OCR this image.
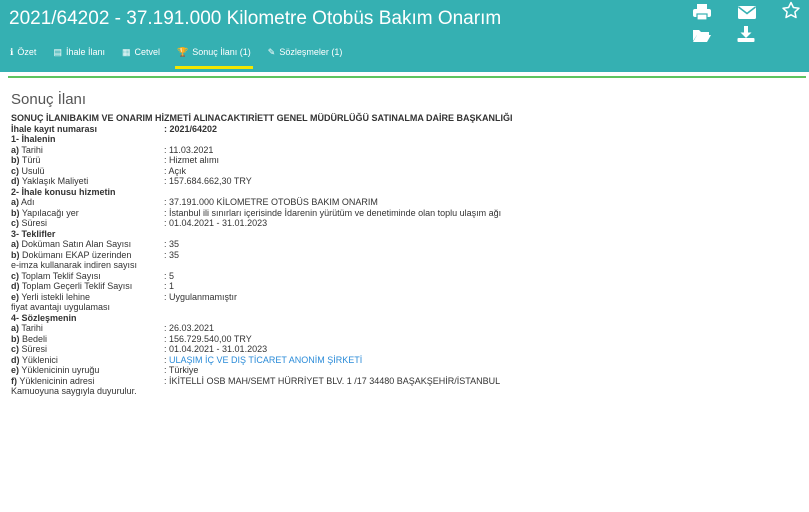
2021/64202 - 37.191.000 Kilometre Otobüs Bakım Onarım
ℹ Özet ▤ İhale İlanı ▦ Cetvel 🏆 Sonuç İlanı (1) ✎ Sözleşmeler (1)
Sonuç İlanı
SONUÇ İLANIBAKIM VE ONARIM HİZMETİ ALINACAKTIRİETT GENEL MÜDÜRLÜĞÜ SATINALMA DAİRE BAŞKANLIĞI
İhale kayıt numarası	: 2021/64202
1- İhalenin
a) Tarihi	: 11.03.2021
b) Türü	: Hizmet alımı
c) Usulü	: Açık
d) Yaklaşık Maliyeti	: 157.684.662,30 TRY
2- İhale konusu hizmetin
a) Adı	: 37.191.000 KİLOMETRE OTOBÜS BAKIM ONARIM
b) Yapılacağı yer	: İstanbul ili sınırları içerisinde İdarenin yürütüm ve denetiminde olan toplu ulaşım ağı
c) Süresi	: 01.04.2021 - 31.01.2023
3- Teklifler
a) Doküman Satın Alan Sayısı	: 35
b) Dokümanı EKAP üzerinden	: 35
e-imza kullanarak indiren sayısı
c) Toplam Teklif Sayısı	: 5
d) Toplam Geçerli Teklif Sayısı	: 1
e) Yerli istekli lehine	: Uygulanmamıştır
fiyat avantajı uygulaması
4- Sözleşmenin
a) Tarihi	: 26.03.2021
b) Bedeli	: 156.729.540,00 TRY
c) Süresi	: 01.04.2021 - 31.01.2023
d) Yüklenici	: ULAŞIM İÇ VE DIŞ TİCARET ANONİM ŞİRKETİ
e) Yüklenicinin uyruğu	: Türkiye
f) Yüklenicinin adresi	: İKİTELLİ OSB MAH/SEMT HÜRRİYET BLV. 1 /17 34480 BAŞAKŞEHİR/İSTANBUL
Kamuoyuna saygıyla duyurulur.
